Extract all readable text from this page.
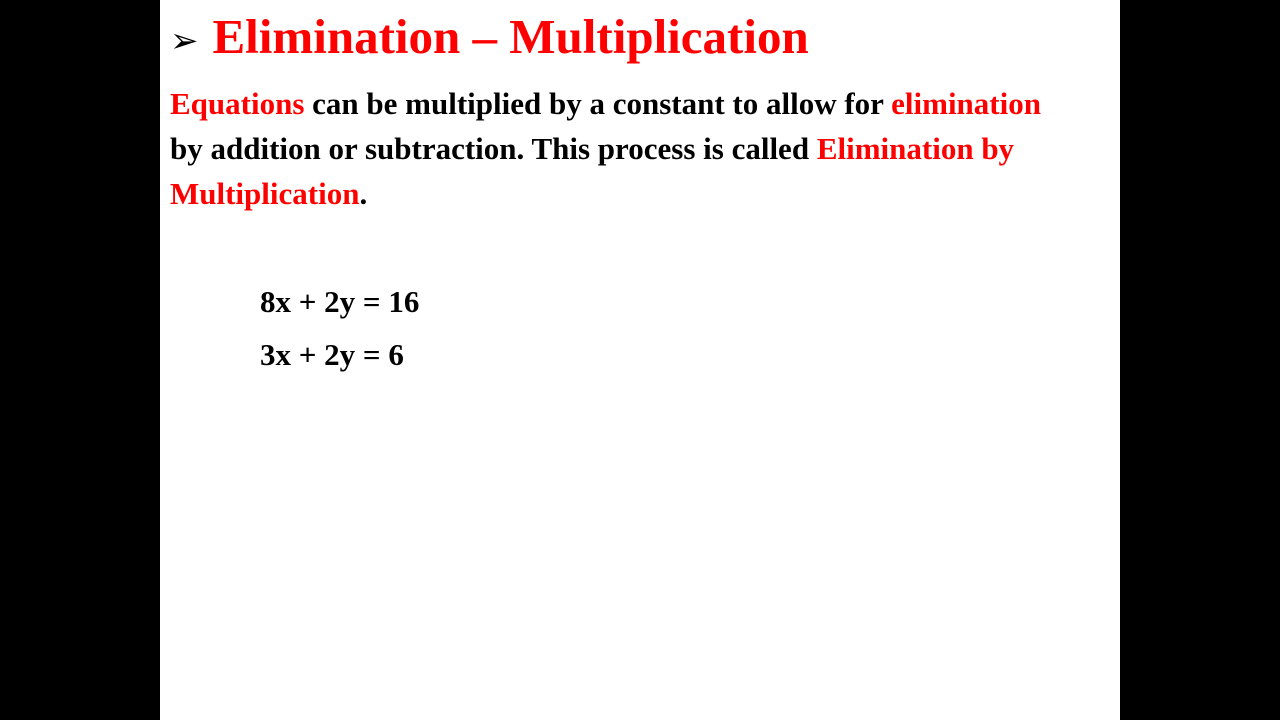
➢ Elimination – Multiplication
Equations can be multiplied by a constant to allow for elimination by addition or subtraction. This process is called Elimination by Multiplication.
8x + 2y = 16
3x + 2y = 6
